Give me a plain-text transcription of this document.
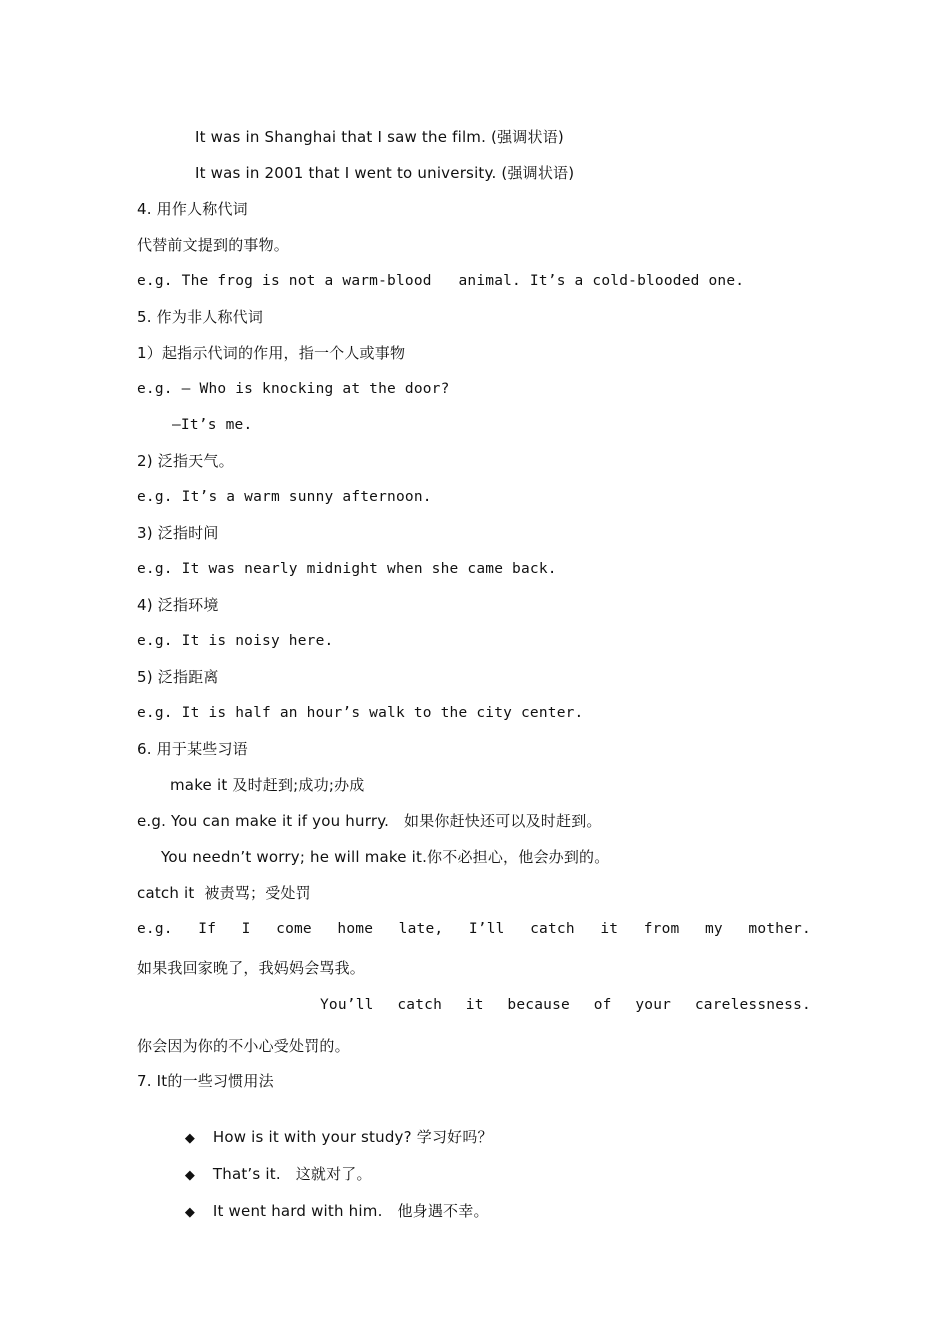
It was in Shanghai that I saw the film. (强调状语)
It was in 2001 that I went to university. (强调状语)
4. 用作人称代词
代替前文提到的事物。
e.g. The frog is not a warm-blood   animal. It’s a cold-blooded one.
5. 作为非人称代词
1）起指示代词的作用，指一个人或事物
e.g. — Who is knocking at the door?
—It’s me.
2) 泛指天气。
e.g. It’s a warm sunny afternoon.
3) 泛指时间
e.g. It was nearly midnight when she came back.
4) 泛指环境
e.g. It is noisy here.
5) 泛指距离
e.g. It is half an hour’s walk to the city center.
6. 用于某些习语
make it 及时赶到;成功;办成
e.g. You can make it if you hurry.   如果你赶快还可以及时赶到。
You needn’t worry; he will make it.你不必担心，他会办到的。
catch it  被责骂；受处罚
e.g. If I come home late, I’ll catch it from my mother.
如果我回家晚了，我妈妈会骂我。
You’ll catch it because of your carelessness.
你会因为你的不小心受处罚的。
7. It的一些习惯用法

◆ How is it with your study? 学习好吗？

◆ That’s it.   这就对了。

◆ It went hard with him.   他身遇不幸。
